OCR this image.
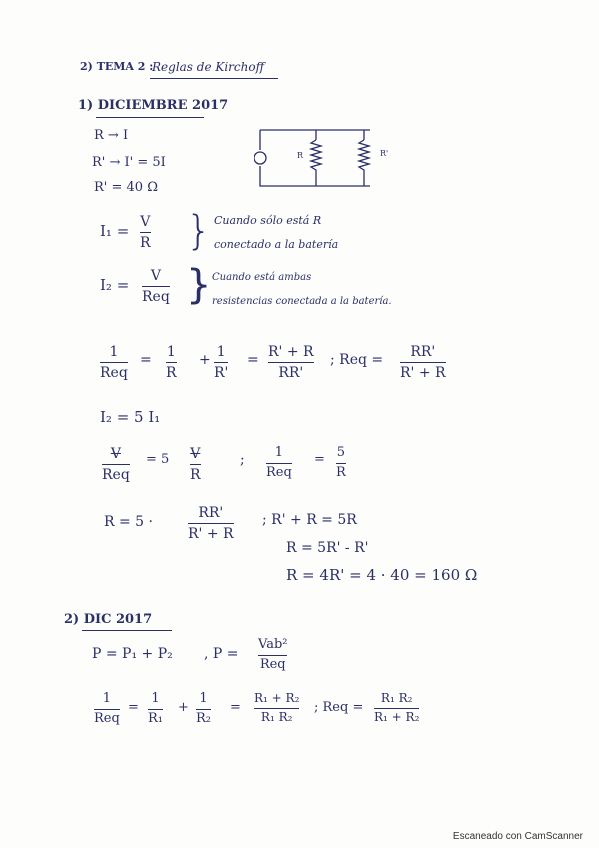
2) TEMA 2 :
Reglas de Kirchoff
1) DICIEMBRE 2017
R → I
R' → I' = 5I
R' = 40 Ω
R	R'
I₁ = V
R } Cuando sólo está R
conectado a la batería
I₂ = V
Req } Cuando está ambas
resistencias conectada a la batería.
1
Req
= 1
R
+ 1
R'
= R' + R
RR'
; Req = RR'
R' + R
I₂ = 5 I₁
V
Req
= 5 V
R
; 1
Req
= 5
R
R = 5 ·
RR'
R' + R
; R' + R = 5R
R = 5R' - R'
R = 4R' = 4 · 40 = 160 Ω
2) DIC 2017
P = P₁ + P₂ , P =
Vab²
Req
1
Req
=
1
R₁
+
1
R₂
=
R₁ + R₂
R₁ R₂
; Req =
R₁ R₂
R₁ + R₂
Escaneado con CamScanner
